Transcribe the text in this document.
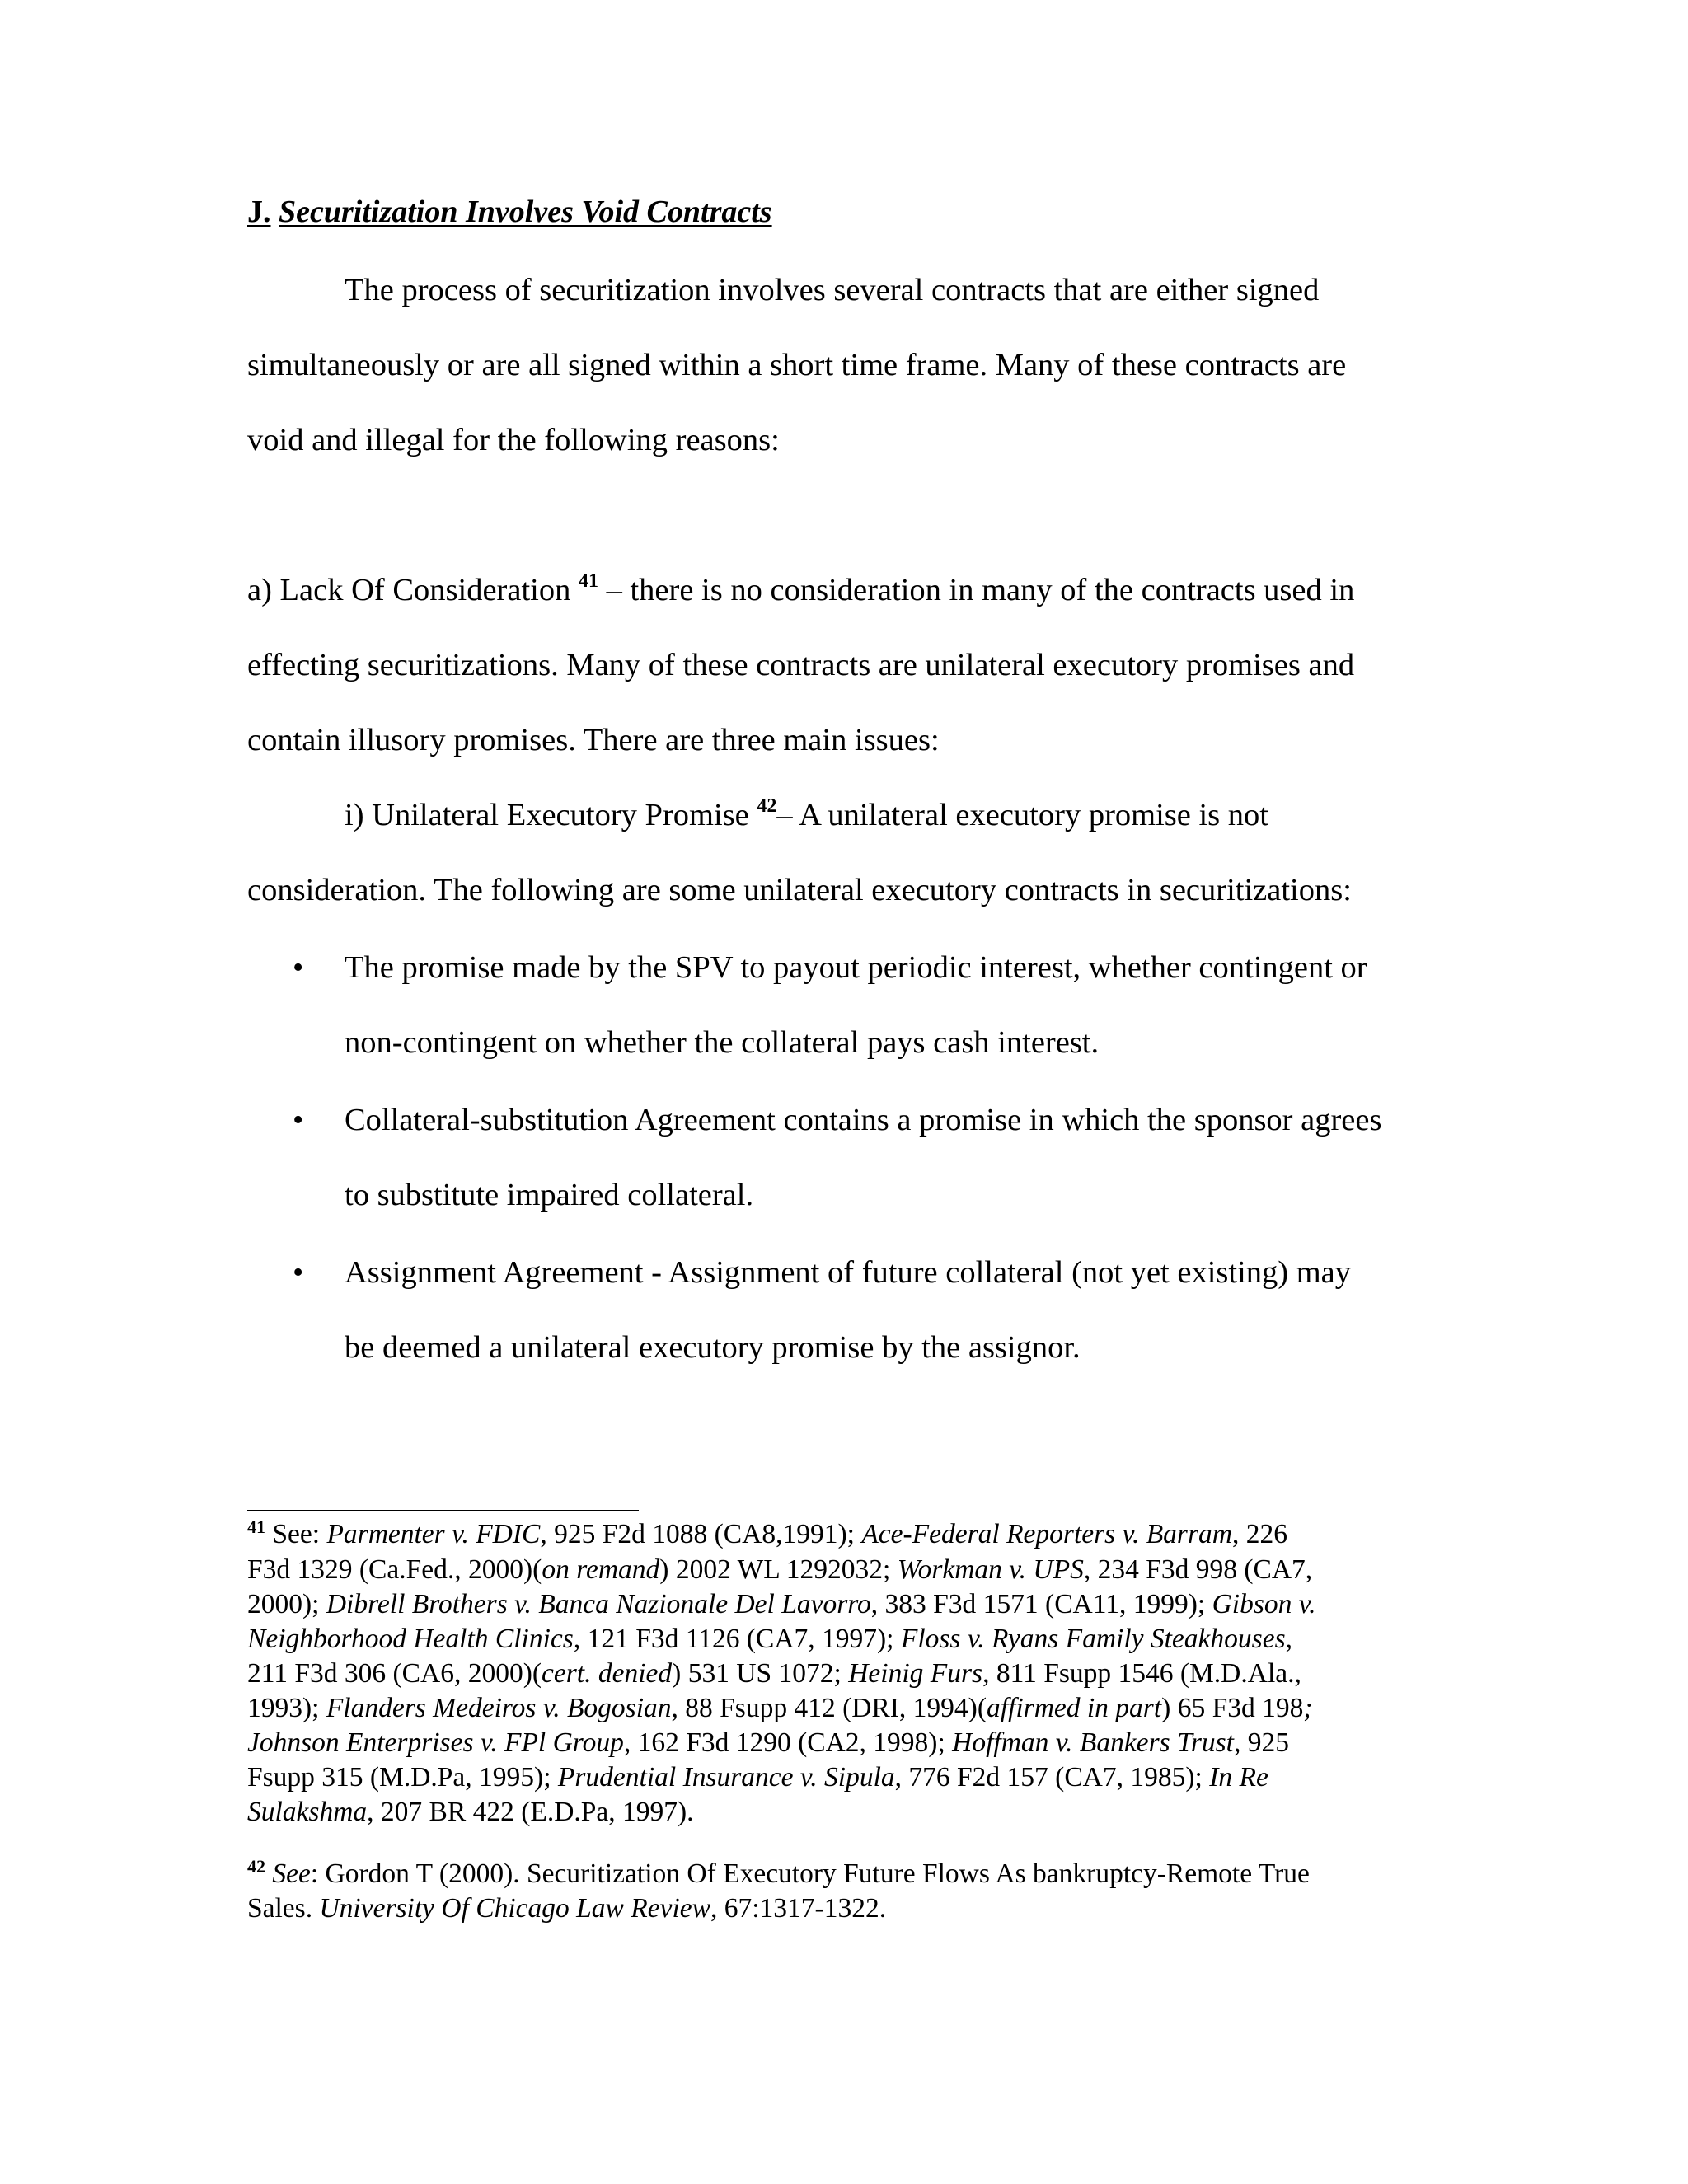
J. Securitization Involves Void Contracts
The process of securitization involves several contracts that are either signed
simultaneously or are all signed within a short time frame. Many of these contracts are
void and illegal for the following reasons:
a) Lack Of Consideration $^{41}$ – there is no consideration in many of the contracts used in
effecting securitizations. Many of these contracts are unilateral executory promises and
contain illusory promises. There are three main issues:
i) Unilateral Executory Promise $^{42}$– A unilateral executory promise is not
consideration. The following are some unilateral executory contracts in securitizations:
• The promise made by the SPV to payout periodic interest, whether contingent or
non-contingent on whether the collateral pays cash interest.
• Collateral-substitution Agreement contains a promise in which the sponsor agrees
to substitute impaired collateral.
• Assignment Agreement - Assignment of future collateral (not yet existing) may
be deemed a unilateral executory promise by the assignor.
$^{41}$ See: Parmenter v. FDIC, 925 F2d 1088 (CA8,1991); Ace-Federal Reporters v. Barram, 226
F3d 1329 (Ca.Fed., 2000)(on remand) 2002 WL 1292032; Workman v. UPS, 234 F3d 998 (CA7,
2000); Dibrell Brothers v. Banca Nazionale Del Lavorro, 383 F3d 1571 (CA11, 1999); Gibson v.
Neighborhood Health Clinics, 121 F3d 1126 (CA7, 1997); Floss v. Ryans Family Steakhouses,
211 F3d 306 (CA6, 2000)(cert. denied) 531 US 1072; Heinig Furs, 811 Fsupp 1546 (M.D.Ala.,
1993); Flanders Medeiros v. Bogosian, 88 Fsupp 412 (DRI, 1994)(affirmed in part) 65 F3d 198;
Johnson Enterprises v. FPl Group, 162 F3d 1290 (CA2, 1998); Hoffman v. Bankers Trust, 925
Fsupp 315 (M.D.Pa, 1995); Prudential Insurance v. Sipula, 776 F2d 157 (CA7, 1985); In Re
Sulakshma, 207 BR 422 (E.D.Pa, 1997).
$^{42}$ See: Gordon T (2000). Securitization Of Executory Future Flows As bankruptcy-Remote True
Sales. University Of Chicago Law Review, 67:1317-1322.
